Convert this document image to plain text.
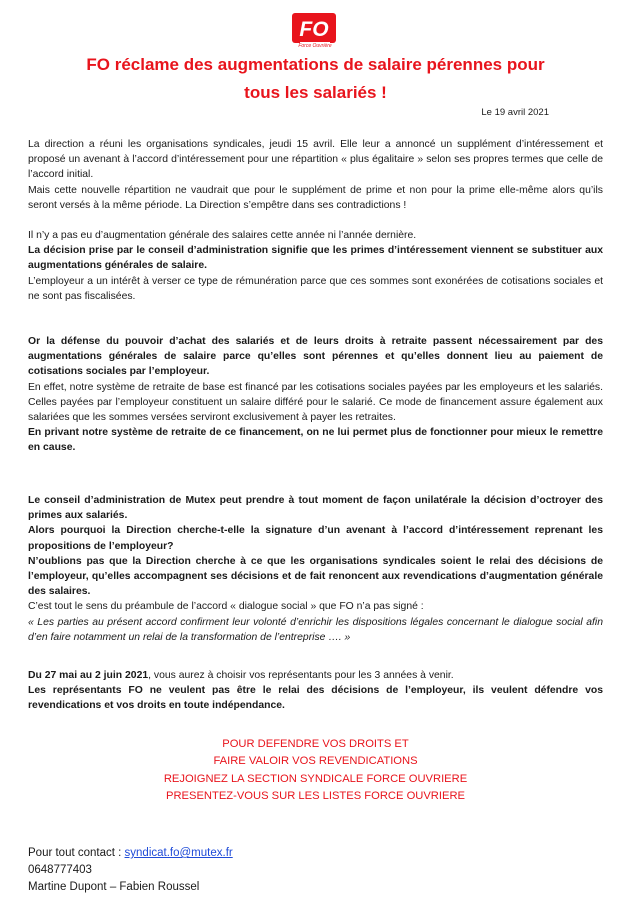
FO
Force Ouvrière
FO réclame des augmentations de salaire pérennes pour
tous les salariés !
Le 19 avril 2021

La direction a réuni les organisations syndicales, jeudi 15 avril. Elle leur a annoncé un supplément d’intéressement et proposé un avenant à l’accord d’intéressement pour une répartition « plus égalitaire » selon ses propres termes que celle de l’accord initial.

Mais cette nouvelle répartition ne vaudrait que pour le supplément de prime et non pour la prime elle-même alors qu’ils seront versés à la même période. La Direction s’empêtre dans ses contradictions !

Il n’y a pas eu d’augmentation générale des salaires cette année ni l’année dernière.

La décision prise par le conseil d’administration signifie que les primes d’intéressement viennent se substituer aux augmentations générales de salaire.

L’employeur a un intérêt à verser ce type de rémunération parce que ces sommes sont exonérées de cotisations sociales et ne sont pas fiscalisées.

Or la défense du pouvoir d’achat des salariés et de leurs droits à retraite passent nécessairement par des augmentations générales de salaire parce qu’elles sont pérennes et qu’elles donnent lieu au paiement de cotisations sociales par l’employeur.

En effet, notre système de retraite de base est financé par les cotisations sociales payées par les employeurs et les salariés. Celles payées par l’employeur constituent un salaire différé pour le salarié. Ce mode de financement assure également aux salariées que les sommes versées serviront exclusivement à payer les retraites.

En privant notre système de retraite de ce financement, on ne lui permet plus de fonctionner pour mieux le remettre en cause.

Le conseil d’administration de Mutex peut prendre à tout moment de façon unilatérale la décision d’octroyer des primes aux salariés.

Alors pourquoi la Direction cherche-t-elle la signature d’un avenant à l’accord d’intéressement reprenant les propositions de l’employeur?

N’oublions pas que la Direction cherche à ce que les organisations syndicales soient le relai des décisions de l’employeur, qu’elles accompagnent ses décisions et de fait renoncent aux revendications d’augmentation générale des salaires.

C’est tout le sens du préambule de l’accord « dialogue social » que FO n’a pas signé :

« Les parties au présent accord confirment leur volonté d’enrichir les dispositions légales concernant le dialogue social afin d’en faire notamment un relai de la transformation de l’entreprise …. »

Du 27 mai au 2 juin 2021, vous aurez à choisir vos représentants pour les 3 années à venir.

Les représentants FO ne veulent pas être le relai des décisions de l’employeur, ils veulent défendre vos revendications et vos droits en toute indépendance.

POUR DEFENDRE VOS DROITS ET
FAIRE VALOIR VOS REVENDICATIONS
REJOIGNEZ LA SECTION SYNDICALE FORCE OUVRIERE
PRESENTEZ-VOUS SUR LES LISTES FORCE OUVRIERE
Pour tout contact : syndicat.fo@mutex.fr
0648777403
Martine Dupont – Fabien Roussel
